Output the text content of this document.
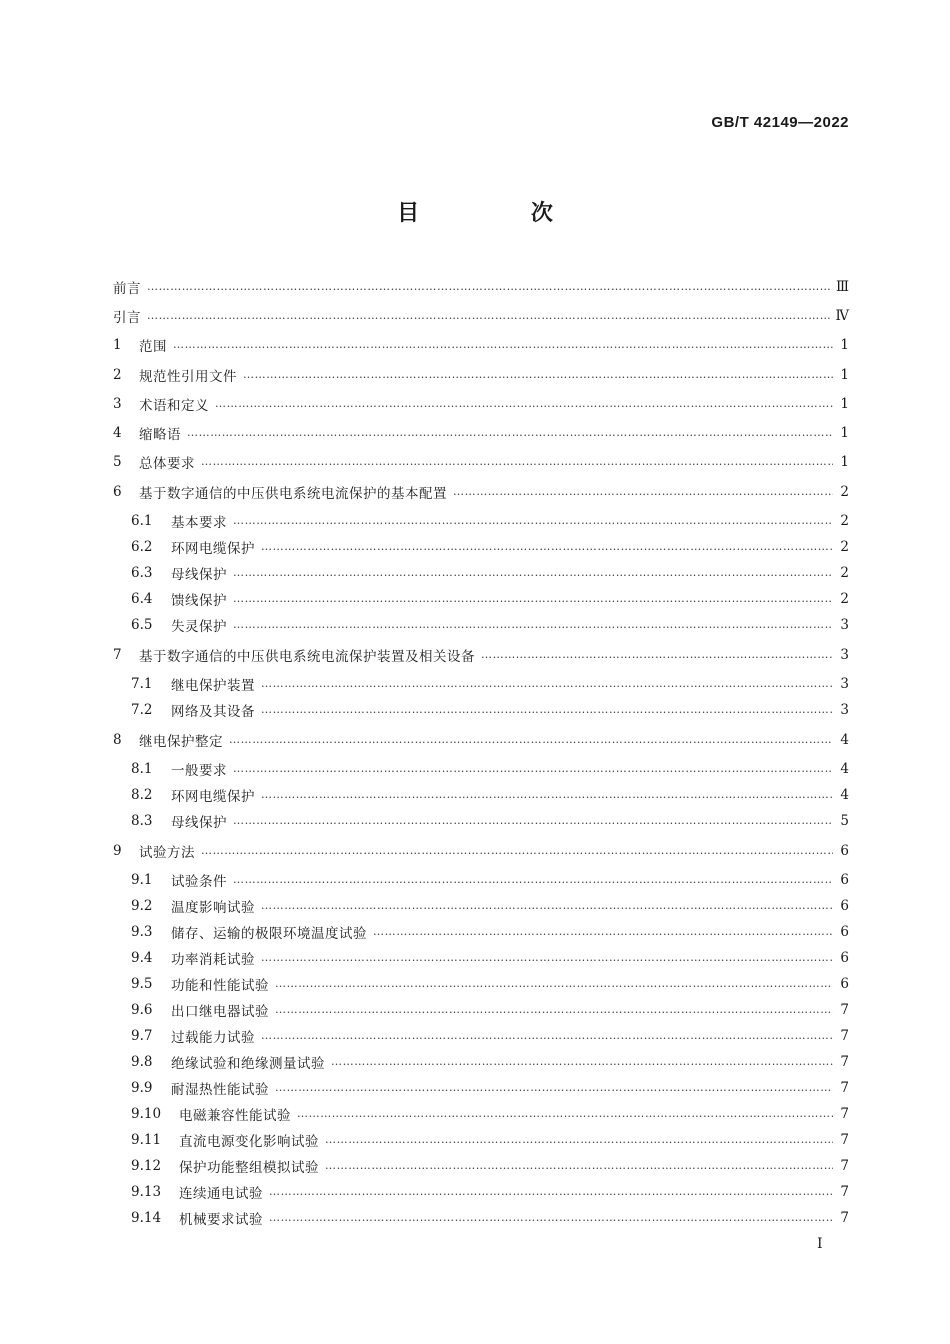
GB/T 42149—2022
目 次
前言 ………………………………………………………………………………………………………………………………………………………………………………………………………………………………	Ⅲ
引言 ………………………………………………………………………………………………………………………………………………………………………………………………………………………………	Ⅳ
1	范围 ………………………………………………………………………………………………………………………………………………………………………………………………………………………………	1
2	规范性引用文件 ………………………………………………………………………………………………………………………………………………………………………………………………………………………………	1
3	术语和定义 ………………………………………………………………………………………………………………………………………………………………………………………………………………………………	1
4	缩略语 ………………………………………………………………………………………………………………………………………………………………………………………………………………………………	1
5	总体要求 ………………………………………………………………………………………………………………………………………………………………………………………………………………………………	1
6	基于数字通信的中压供电系统电流保护的基本配置 ………………………………………………………………………………………………………………………………………………………………………………………………………………………………	2
6.1	基本要求 ………………………………………………………………………………………………………………………………………………………………………………………………………………………………	2
6.2	环网电缆保护 ………………………………………………………………………………………………………………………………………………………………………………………………………………………………	2
6.3	母线保护 ………………………………………………………………………………………………………………………………………………………………………………………………………………………………	2
6.4	馈线保护 ………………………………………………………………………………………………………………………………………………………………………………………………………………………………	2
6.5	失灵保护 ………………………………………………………………………………………………………………………………………………………………………………………………………………………………	3
7	基于数字通信的中压供电系统电流保护装置及相关设备 ………………………………………………………………………………………………………………………………………………………………………………………………………………………………	3
7.1	继电保护装置 ………………………………………………………………………………………………………………………………………………………………………………………………………………………………	3
7.2	网络及其设备 ………………………………………………………………………………………………………………………………………………………………………………………………………………………………	3
8	继电保护整定 ………………………………………………………………………………………………………………………………………………………………………………………………………………………………	4
8.1	一般要求 ………………………………………………………………………………………………………………………………………………………………………………………………………………………………	4
8.2	环网电缆保护 ………………………………………………………………………………………………………………………………………………………………………………………………………………………………	4
8.3	母线保护 ………………………………………………………………………………………………………………………………………………………………………………………………………………………………	5
9	试验方法 ………………………………………………………………………………………………………………………………………………………………………………………………………………………………	6
9.1	试验条件 ………………………………………………………………………………………………………………………………………………………………………………………………………………………………	6
9.2	温度影响试验 ………………………………………………………………………………………………………………………………………………………………………………………………………………………………	6
9.3	储存、运输的极限环境温度试验 ………………………………………………………………………………………………………………………………………………………………………………………………………………………………	6
9.4	功率消耗试验 ………………………………………………………………………………………………………………………………………………………………………………………………………………………………	6
9.5	功能和性能试验 ………………………………………………………………………………………………………………………………………………………………………………………………………………………………	6
9.6	出口继电器试验 ………………………………………………………………………………………………………………………………………………………………………………………………………………………………	7
9.7	过载能力试验 ………………………………………………………………………………………………………………………………………………………………………………………………………………………………	7
9.8	绝缘试验和绝缘测量试验 ………………………………………………………………………………………………………………………………………………………………………………………………………………………………	7
9.9	耐湿热性能试验 ………………………………………………………………………………………………………………………………………………………………………………………………………………………………	7
9.10	电磁兼容性能试验 ………………………………………………………………………………………………………………………………………………………………………………………………………………………………	7
9.11	直流电源变化影响试验 ………………………………………………………………………………………………………………………………………………………………………………………………………………………………	7
9.12	保护功能整组模拟试验 ………………………………………………………………………………………………………………………………………………………………………………………………………………………………	7
9.13	连续通电试验 ………………………………………………………………………………………………………………………………………………………………………………………………………………………………	7
9.14	机械要求试验 ………………………………………………………………………………………………………………………………………………………………………………………………………………………………	7
I
